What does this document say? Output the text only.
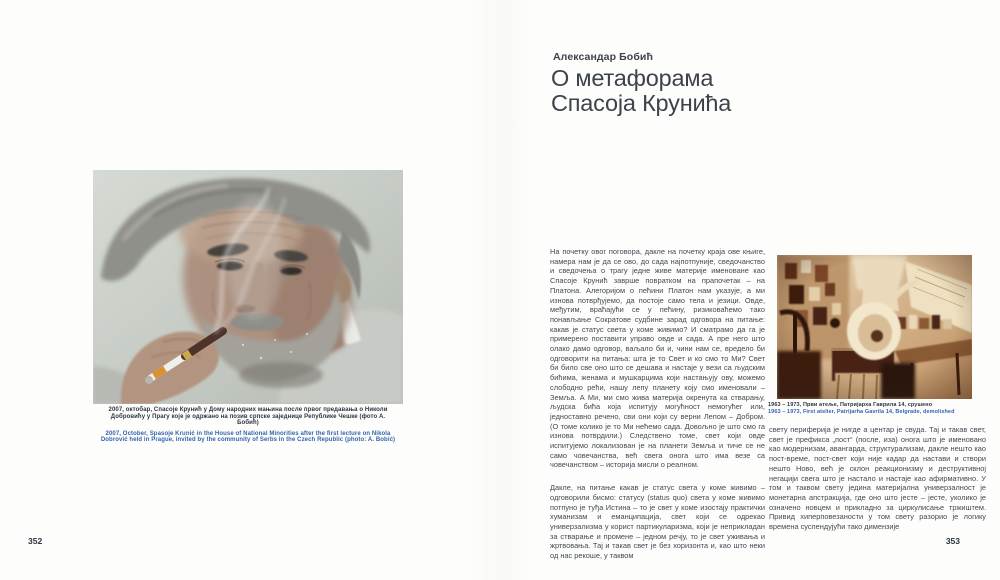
2007, октобар, Спасоје Крунић у Дому народних мањина после првог предавања о Николи Добровићу у Прагу које је одржано на позив српске заједнице Републике Чешке (фото А. Бобић)
2007, October, Spasoje Krunić in the House of National Minorities after the first lecture on Nikola Dobrović held in Prague, invited by the community of Serbs in the Czech Republic (photo: A. Bobić)
352
Александар Бобић
О метафорама
Спасоја Крунића

На почетку овог поговора, дакле на почетку краја ове књиге, намера нам је да се ово, до сада најпотпуније, сведочанство и сведочења о трагу једне живе материје именоване као Спасоје Крунић заврше повратком на прапочетак – на Платона. Алегоријом о пећини Платон нам указује, а ми изнова потврђујемо, да постоје само тела и језици. Овде, међутим, враћајући се у пећину, ризиковаћемо тако понављање Сократове судбине зарад одговора на питање: какав је статус света у коме живимо? И сматрамо да га је примерено поставити управо овде и сада. А пре него што олако дамо одговор, ваљало би и, чини нам се, вредело би одговорити на питања: шта је то Свет и ко смо то Ми? Свет би било све оно што се дешава и настаје у вези са људским бићима, женама и мушкарцима који настањују ову, можемо слободно рећи, нашу лепу планету коју смо именовали – Земља. А Ми, ми смо жива материја окренута ка стварању, људска бића која испитују могућност немогућег или, једноставно речено, сви они који су верни Лепом – Добром. (О томе колико је то Ми нећемо сада. Довољно је што смо га изнова потврдили.) Следствено томе, свет који овде испитујемо локализован је на планети Земља и тиче се не само човечанства, већ свега онога што има везе са човечанством – историја мисли о реалном.

Дакле, на питање какав је статус света у коме живимо – одговорили бисмо: статусу (status quo) света у коме живимо потпуно је туђа Истина – то је свет у коме изостају практички хуманизам и еманципација, свет који се одрекао универзализма у корист партикуларизма, који је неприкладан за стварање и промене – једном речју, то је свет уживања и жртвовања. Тај и такав свет је без хоризонта и, као што неки од нас рекоше, у таквом

1963 – 1973, Први атеље, Патријарха Гаврила 14, срушено
1963 – 1973, First atelier, Patrijarha Gavrila 14, Belgrade, demolished

свету периферија је нигде а центар је свуда. Тај и такав свет, свет је префикса „пост“ (после, иза) онога што је именовано као модернизам, авангарда, структурализам, дакле нешто као пост-време, пост-свет који није кадар да настави и створи нешто Ново, већ је склон реакционизму и деструктивној негацији свега што је настало и настаје као афирмативно. У том и таквом свету једина материјална универзалност је монетарна апстракција, где оно што јесте – јесте, уколико је означено новцем и прикладно за циркулисање тржиштем. Привид хиперповезаности у том свету разорио је логику времена суспендујући тако димензије

353
